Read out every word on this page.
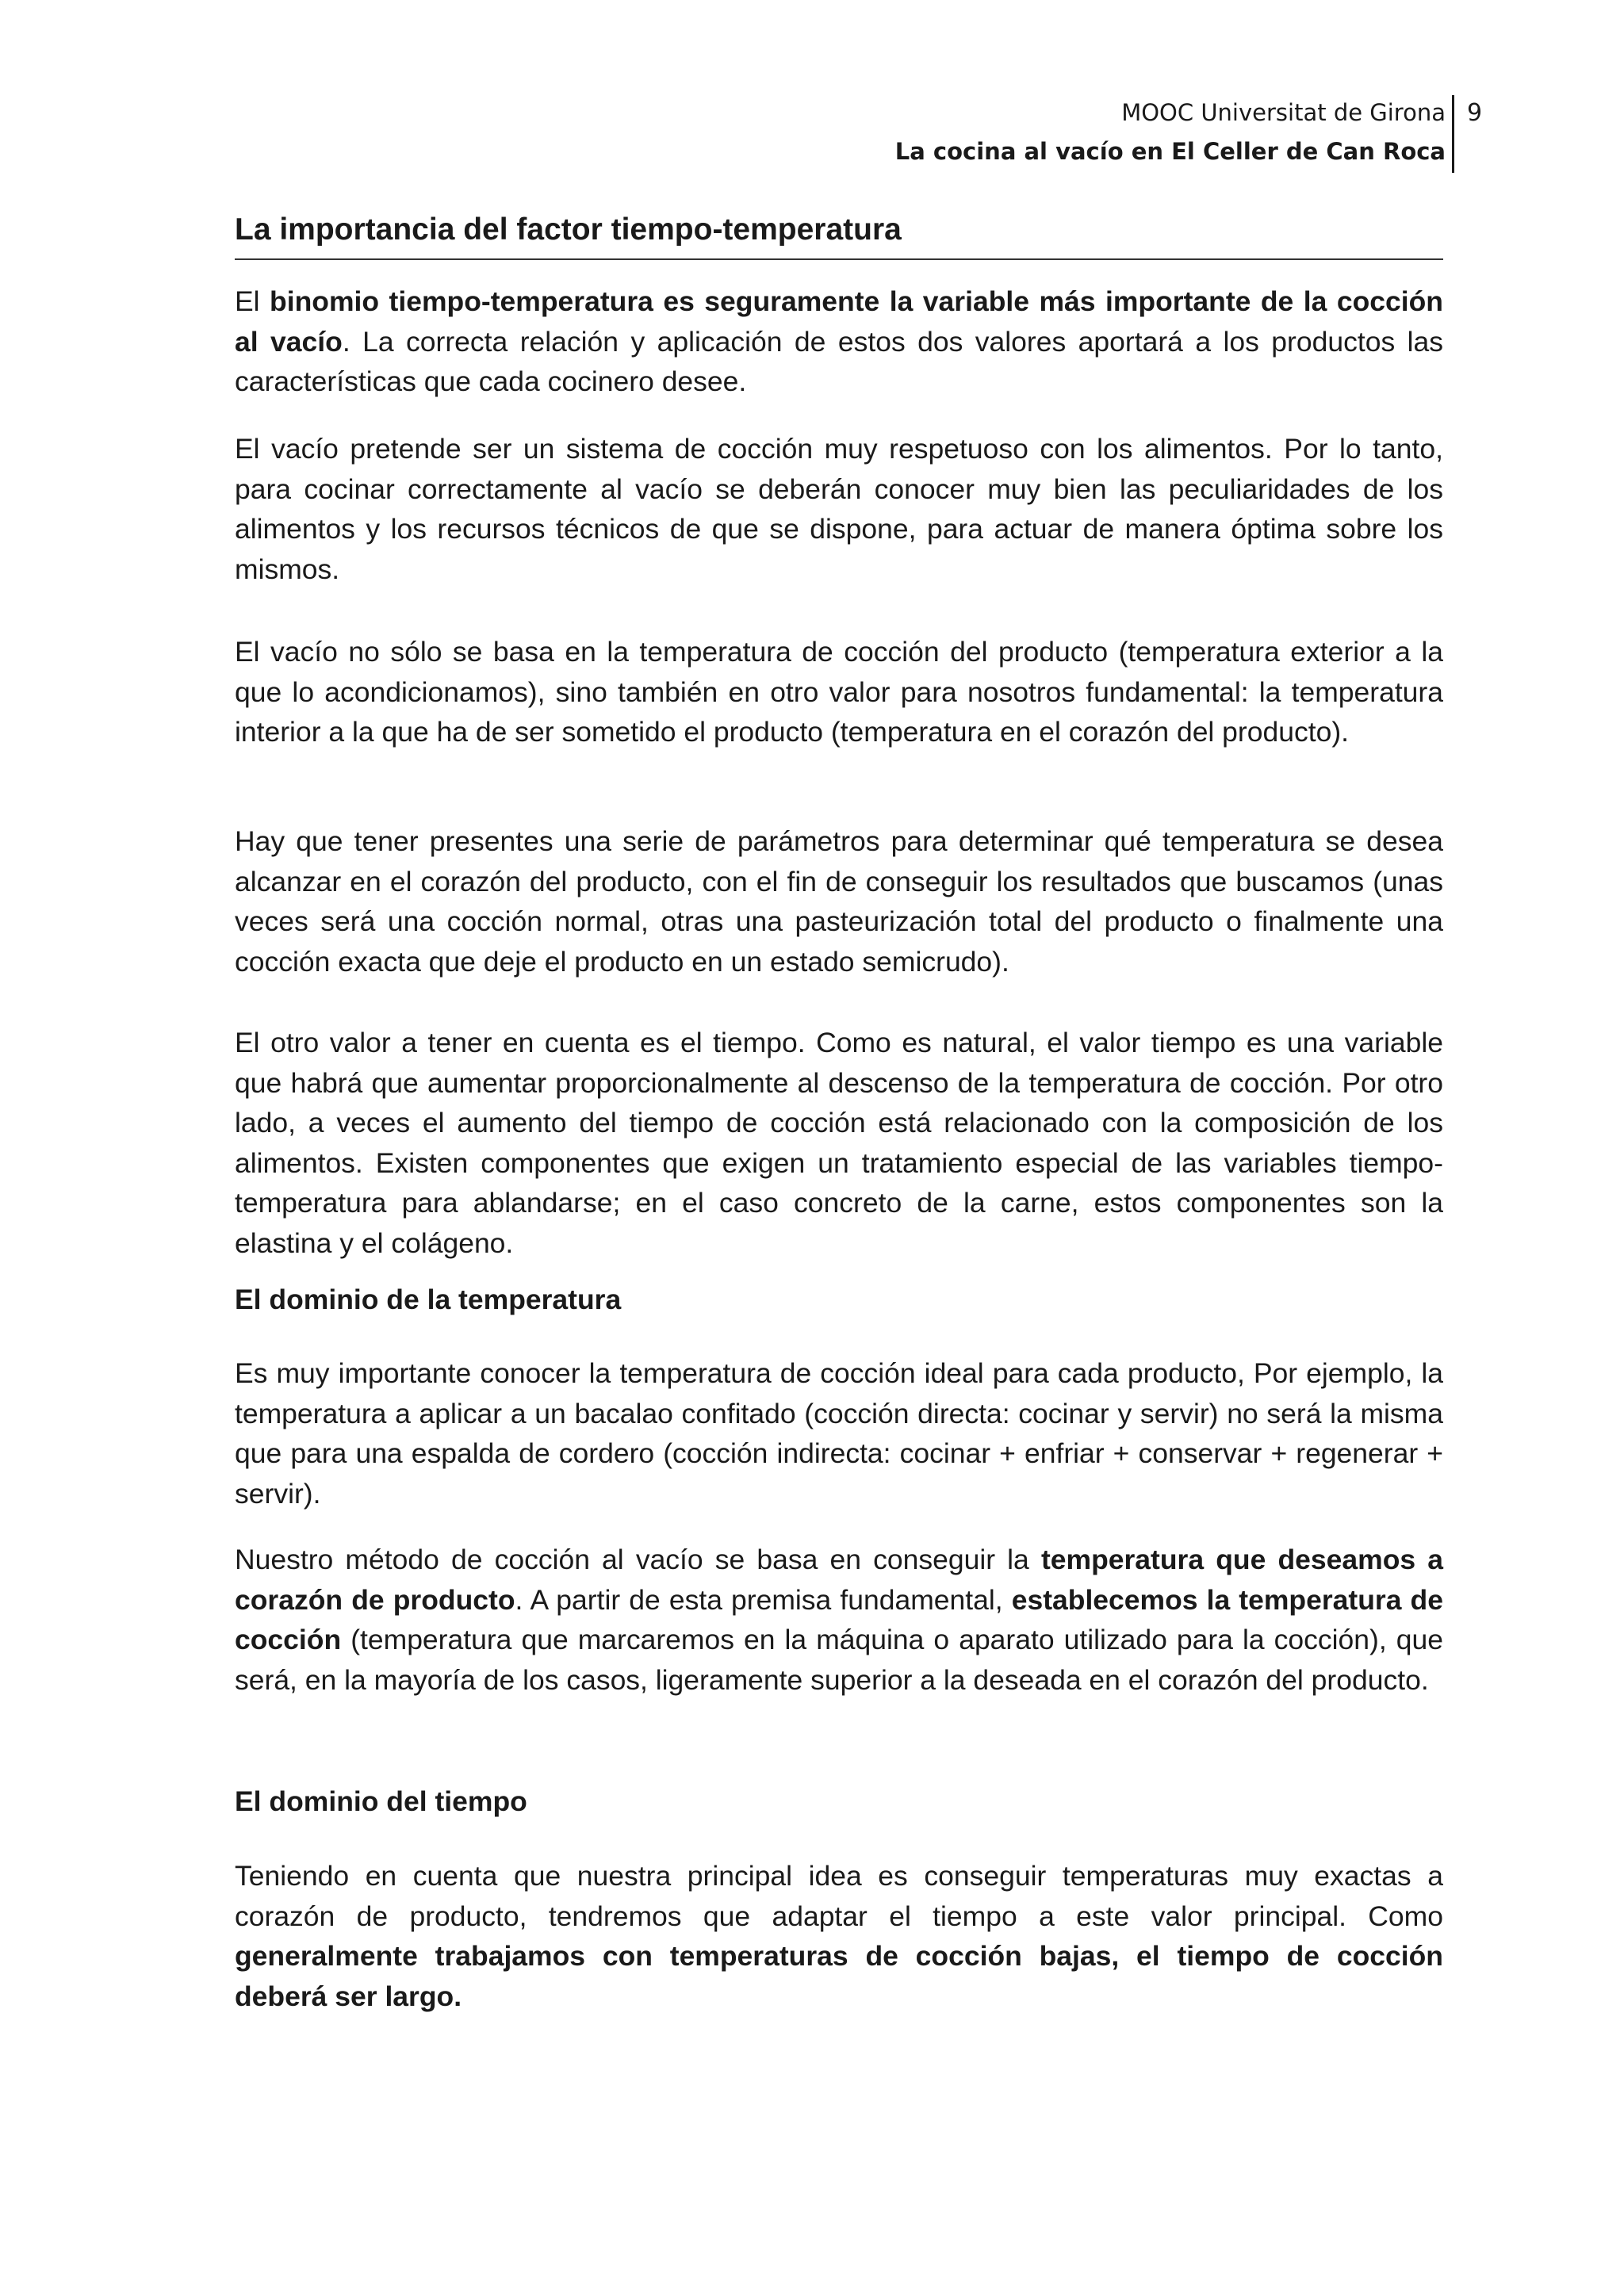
MOOC Universitat de Girona
La cocina al vacío en El Celler de Can Roca
9
La importancia del factor tiempo-temperatura

El binomio tiempo-temperatura es seguramente la variable más importante de la cocción al vacío. La correcta relación y aplicación de estos dos valores aportará a los productos las características que cada cocinero desee.

El vacío pretende ser un sistema de cocción muy respetuoso con los alimentos. Por lo tanto, para cocinar correctamente al vacío se deberán conocer muy bien las peculiaridades de los alimentos y los recursos técnicos de que se dispone, para actuar de manera óptima sobre los mismos.

El vacío no sólo se basa en la temperatura de cocción del producto (temperatura exterior a la que lo acondicionamos), sino también en otro valor para nosotros fundamental: la temperatura interior a la que ha de ser sometido el producto (temperatura en el corazón del producto).

Hay que tener presentes una serie de parámetros para determinar qué temperatura se desea alcanzar en el corazón del producto, con el fin de conseguir los resultados que buscamos (unas veces será una cocción normal, otras una pasteurización total del producto o finalmente una cocción exacta que deje el producto en un estado semicrudo).

El otro valor a tener en cuenta es el tiempo. Como es natural, el valor tiempo es una variable que habrá que aumentar proporcionalmente al descenso de la temperatura de cocción. Por otro lado, a veces el aumento del tiempo de cocción está relacionado con la composición de los alimentos. Existen componentes que exigen un tratamiento especial de las variables tiempo-temperatura para ablandarse; en el caso concreto de la carne, estos componentes son la elastina y el colágeno.

El dominio de la temperatura

Es muy importante conocer la temperatura de cocción ideal para cada producto, Por ejemplo, la temperatura a aplicar a un bacalao confitado (cocción directa: cocinar y servir) no será la misma que para una espalda de cordero (cocción indirecta: cocinar + enfriar + conservar + regenerar + servir).

Nuestro método de cocción al vacío se basa en conseguir la temperatura que deseamos a corazón de producto. A partir de esta premisa fundamental, establecemos la temperatura de cocción (temperatura que marcaremos en la máquina o aparato utilizado para la cocción), que será, en la mayoría de los casos, ligeramente superior a la deseada en el corazón del producto.

El dominio del tiempo

Teniendo en cuenta que nuestra principal idea es conseguir temperaturas muy exactas a corazón de producto, tendremos que adaptar el tiempo a este valor principal. Como generalmente trabajamos con temperaturas de cocción bajas, el tiempo de cocción deberá ser largo.
